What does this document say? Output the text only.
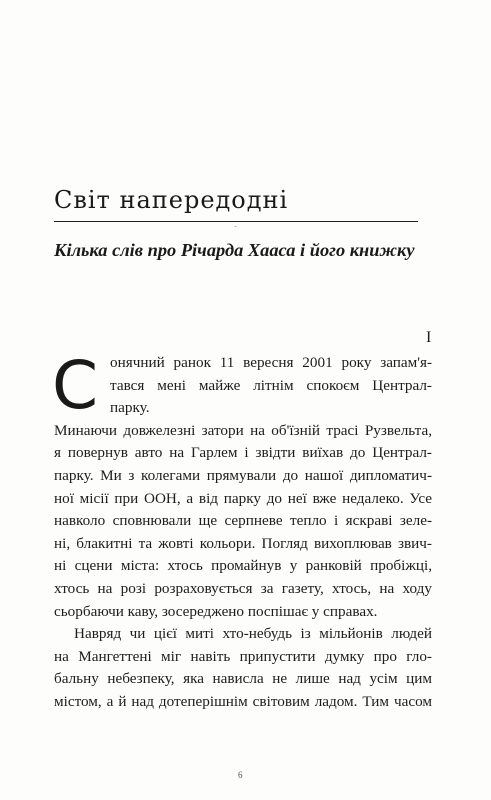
Світ напередодні
˘
Кілька слів про Річарда Хааса і його книжку
I
С онячний ранок 11 вересня 2001 року запам'я-
тався мені майже літнім спокоєм Централ-
парку.
Минаючи довжелезні затори на об'їзній трасі Рузвельта,
я повернув авто на Гарлем і звідти виїхав до Централ-
парку. Ми з колегами прямували до нашої дипломатич-
ної місії при ООН, а від парку до неї вже недалеко. Усе
навколо сповнювали ще серпневе тепло і яскраві зеле-
ні, блакитні та жовті кольори. Погляд вихоплював звич-
ні сцени міста: хтось промайнув у ранковій пробіжці,
хтось на розі розраховується за газету, хтось, на ходу
сьорбаючи каву, зосереджено поспішає у справах.
Навряд чи цієї миті хто-небудь із мільйонів людей
на Мангеттені міг навіть припустити думку про гло-
бальну небезпеку, яка нависла не лише над усім цим
містом, а й над дотеперішнім світовим ладом. Тим часом
6
